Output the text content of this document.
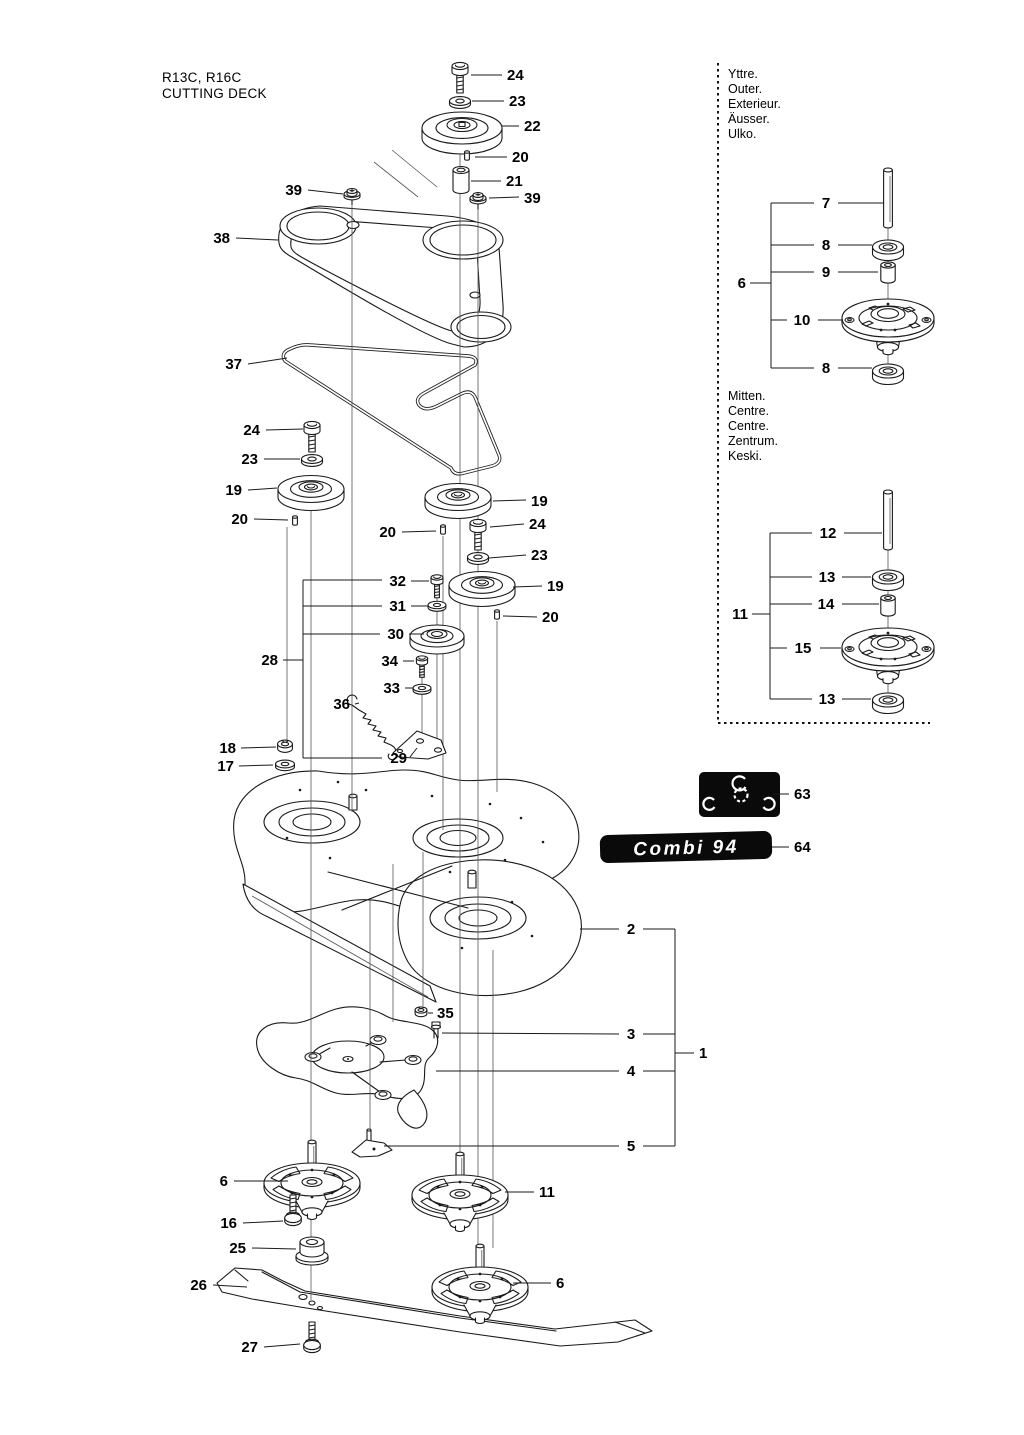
Combi 94
R13C, R16C
CUTTING DECK
Yttre.
Outer.
Exterieur.
Äusser.
Ulko.
Mitten.
Centre.
Centre.
Zentrum.
Keski.
24
23
22
20
21
39	39
38
37
24
23
19
20
19
20	24
23
19
20
32
31
30
28	34
33
36
18
17	29
63
64
2
35
3
4
1
5
6
11
16
25
26	6
27
7
8
9
6
10
8
12
13
14
11
15
13
